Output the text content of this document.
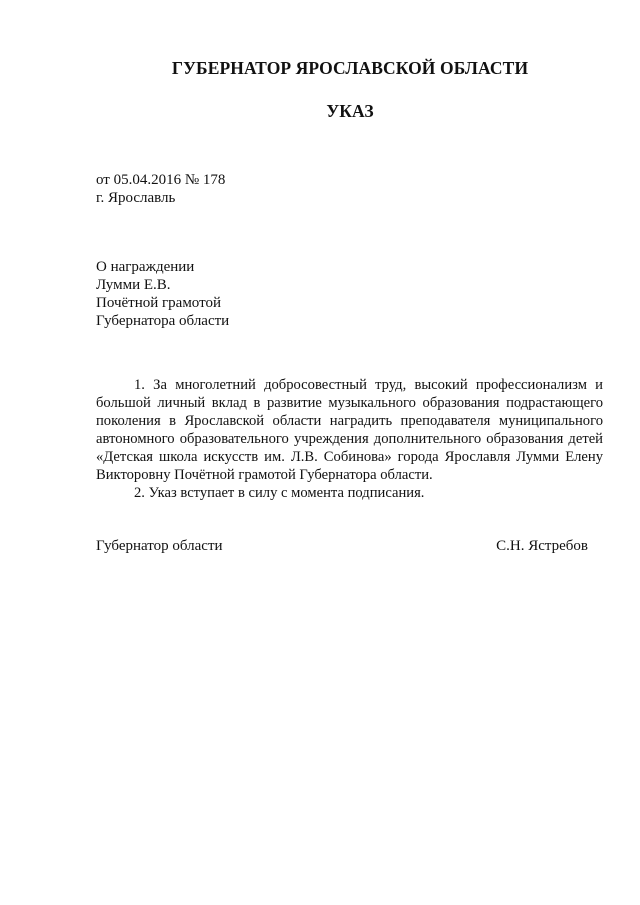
ГУБЕРНАТОР ЯРОСЛАВСКОЙ ОБЛАСТИ
УКАЗ
от 05.04.2016 № 178
г. Ярославль
О награждении
Лумми Е.В.
Почётной грамотой
Губернатора области

1. За многолетний добросовестный труд, высокий профессионализм и большой личный вклад в развитие музыкального образования подрастающего поколения в Ярославской области наградить преподавателя муниципального автономного образовательного учреждения дополнительного образования детей «Детская школа искусств им. Л.В. Собинова» города Ярославля Лумми Елену Викторовну Почётной грамотой Губернатора области.

2. Указ вступает в силу с момента подписания.

Губернатор области	С.Н. Ястребов
